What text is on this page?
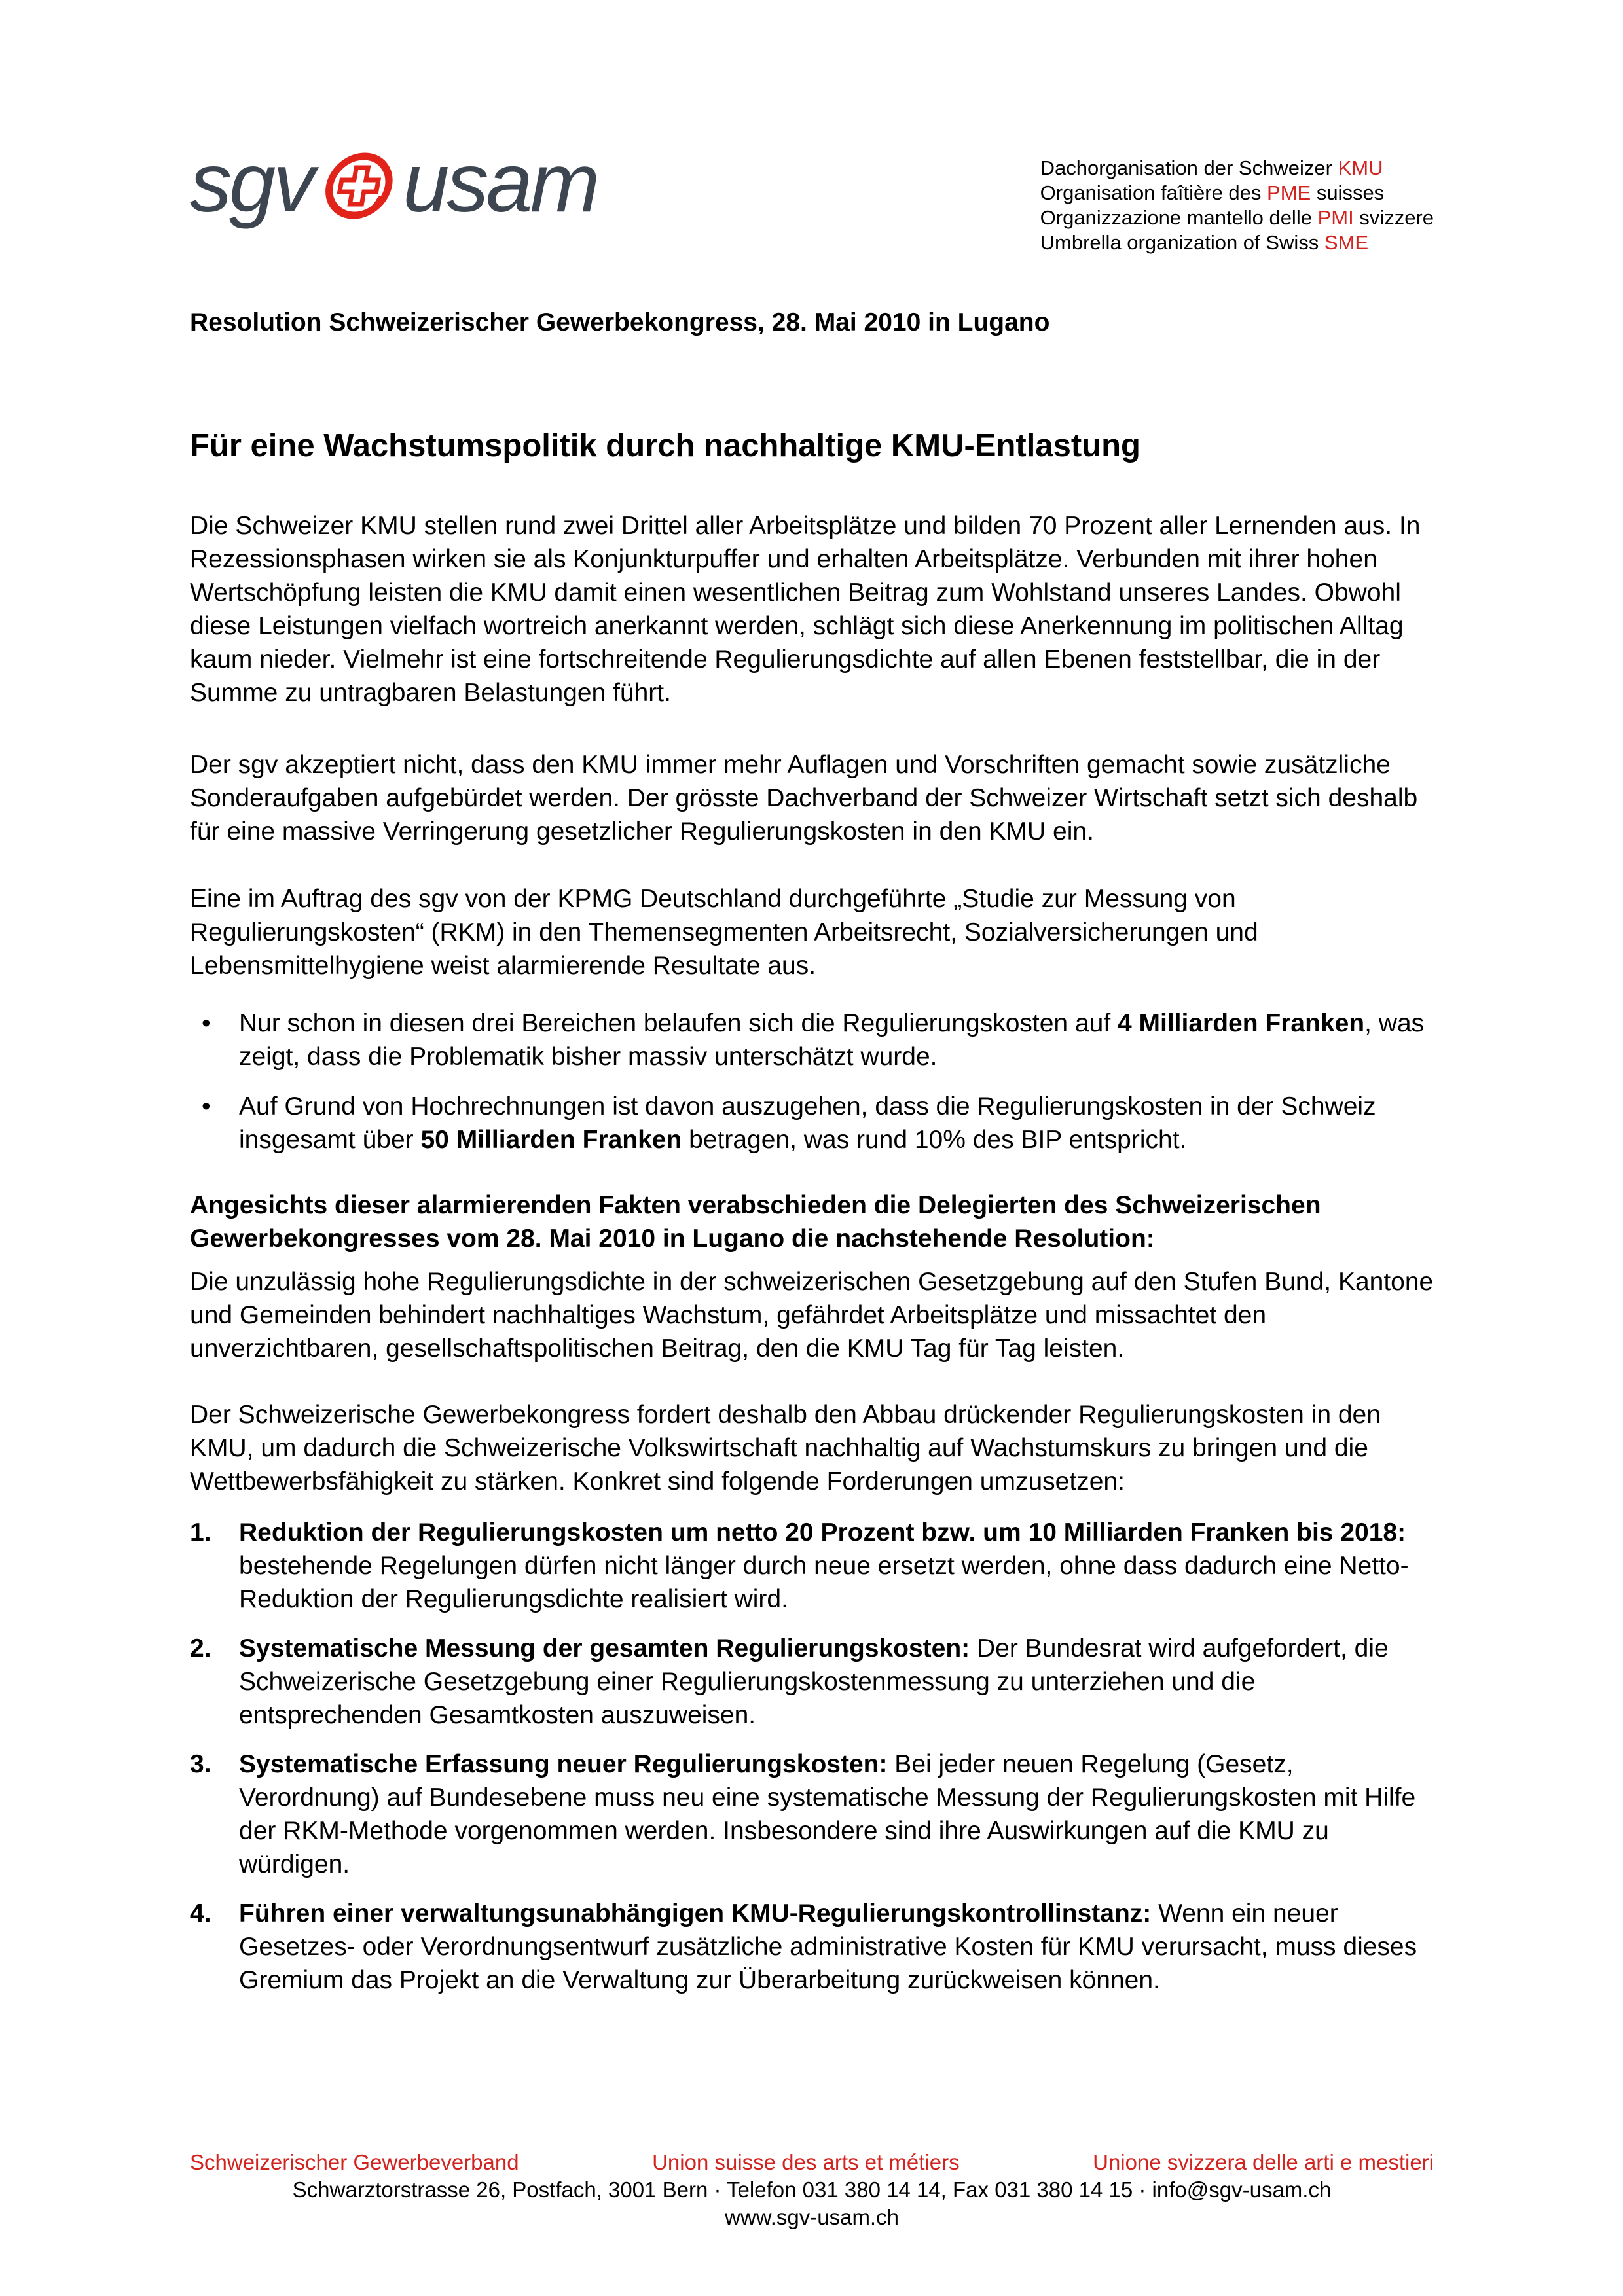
sgv usam	Dachorganisation der Schweizer KMU
Organisation faîtière des PME suisses
Organizzazione mantello delle PMI svizzere
Umbrella organization of Swiss SME

Resolution Schweizerischer Gewerbekongress, 28. Mai 2010 in Lugano

Für eine Wachstumspolitik durch nachhaltige KMU-Entlastung

Die Schweizer KMU stellen rund zwei Drittel aller Arbeitsplätze und bilden 70 Prozent aller Lernenden aus. In Rezessionsphasen wirken sie als Konjunkturpuffer und erhalten Arbeitsplätze. Verbunden mit ihrer hohen Wertschöpfung leisten die KMU damit einen wesentlichen Beitrag zum Wohlstand unseres Landes. Obwohl diese Leistungen vielfach wortreich anerkannt werden, schlägt sich diese Anerkennung im politischen Alltag kaum nieder. Vielmehr ist eine fortschreitende Regulierungsdichte auf allen Ebenen feststellbar, die in der Summe zu untragbaren Belastungen führt.

Der sgv akzeptiert nicht, dass den KMU immer mehr Auflagen und Vorschriften gemacht sowie zusätzliche Sonderaufgaben aufgebürdet werden. Der grösste Dachverband der Schweizer Wirtschaft setzt sich deshalb für eine massive Verringerung gesetzlicher Regulierungskosten in den KMU ein.

Eine im Auftrag des sgv von der KPMG Deutschland durchgeführte „Studie zur Messung von Regulierungskosten“ (RKM) in den Themensegmenten Arbeitsrecht, Sozialversicherungen und Lebensmittelhygiene weist alarmierende Resultate aus.

• Nur schon in diesen drei Bereichen belaufen sich die Regulierungskosten auf 4 Milliarden Franken, was zeigt, dass die Problematik bisher massiv unterschätzt wurde.
• Auf Grund von Hochrechnungen ist davon auszugehen, dass die Regulierungskosten in der Schweiz insgesamt über 50 Milliarden Franken betragen, was rund 10% des BIP entspricht.

Angesichts dieser alarmierenden Fakten verabschieden die Delegierten des Schweizerischen Gewerbekongresses vom 28. Mai 2010 in Lugano die nachstehende Resolution:

Die unzulässig hohe Regulierungsdichte in der schweizerischen Gesetzgebung auf den Stufen Bund, Kantone und Gemeinden behindert nachhaltiges Wachstum, gefährdet Arbeitsplätze und missachtet den unverzichtbaren, gesellschaftspolitischen Beitrag, den die KMU Tag für Tag leisten.

Der Schweizerische Gewerbekongress fordert deshalb den Abbau drückender Regulierungskosten in den KMU, um dadurch die Schweizerische Volkswirtschaft nachhaltig auf Wachstumskurs zu bringen und die Wettbewerbsfähigkeit zu stärken. Konkret sind folgende Forderungen umzusetzen:

1. Reduktion der Regulierungskosten um netto 20 Prozent bzw. um 10 Milliarden Franken bis 2018: bestehende Regelungen dürfen nicht länger durch neue ersetzt werden, ohne dass dadurch eine Netto-Reduktion der Regulierungsdichte realisiert wird.
2. Systematische Messung der gesamten Regulierungskosten: Der Bundesrat wird aufgefordert, die Schweizerische Gesetzgebung einer Regulierungskostenmessung zu unterziehen und die entsprechenden Gesamtkosten auszuweisen.
3. Systematische Erfassung neuer Regulierungskosten: Bei jeder neuen Regelung (Gesetz, Verordnung) auf Bundesebene muss neu eine systematische Messung der Regulierungskosten mit Hilfe der RKM-Methode vorgenommen werden. Insbesondere sind ihre Auswirkungen auf die KMU zu würdigen.
4. Führen einer verwaltungsunabhängigen KMU-Regulierungskontrollinstanz: Wenn ein neuer Gesetzes- oder Verordnungsentwurf zusätzliche administrative Kosten für KMU verursacht, muss dieses Gremium das Projekt an die Verwaltung zur Überarbeitung zurückweisen können.
Schweizerischer Gewerbeverband	Union suisse des arts et métiers	Unione svizzera delle arti e mestieri
Schwarztorstrasse 26, Postfach, 3001 Bern · Telefon 031 380 14 14, Fax 031 380 14 15 · info@sgv-usam.ch
www.sgv-usam.ch
